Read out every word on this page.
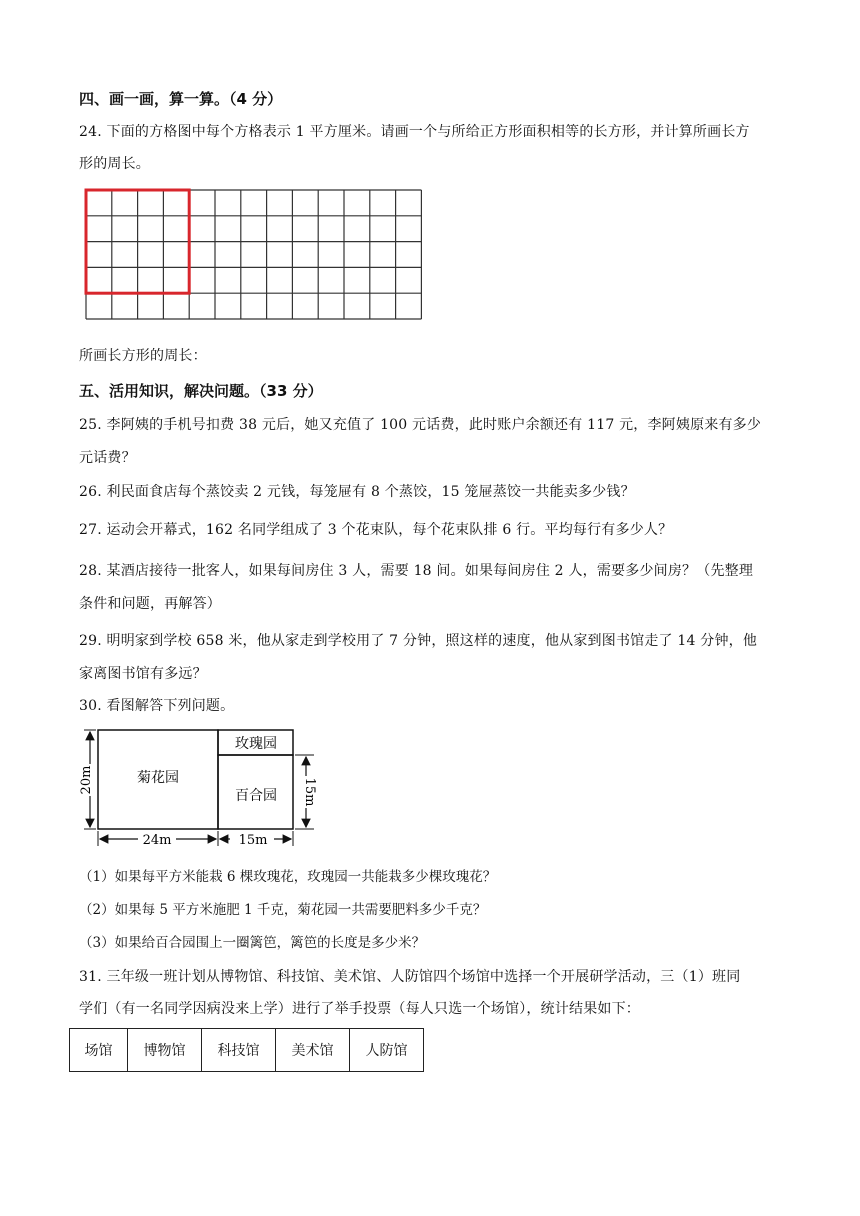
四、画一画，算一算。（4 分）
24. 下面的方格图中每个方格表示 1 平方厘米。请画一个与所给正方形面积相等的长方形，并计算所画长方
形的周长。
所画长方形的周长：
五、活用知识，解决问题。（33 分）
25. 李阿姨的手机号扣费 38 元后，她又充值了 100 元话费，此时账户余额还有 117 元，李阿姨原来有多少
元话费？
26. 利民面食店每个蒸饺卖 2 元钱，每笼屉有 8 个蒸饺，15 笼屉蒸饺一共能卖多少钱？
27. 运动会开幕式，162 名同学组成了 3 个花束队，每个花束队排 6 行。平均每行有多少人？
28. 某酒店接待一批客人，如果每间房住 3 人，需要 18 间。如果每间房住 2 人，需要多少间房？（先整理
条件和问题，再解答）
29. 明明家到学校 658 米，他从家走到学校用了 7 分钟，照这样的速度，他从家到图书馆走了 14 分钟，他
家离图书馆有多远？
30. 看图解答下列问题。
菊花园
玫瑰园
百合园
20m	15m
24m	15m
（1）如果每平方米能栽 6 棵玫瑰花，玫瑰园一共能栽多少棵玫瑰花？
（2）如果每 5 平方米施肥 1 千克，菊花园一共需要肥料多少千克？
（3）如果给百合园围上一圈篱笆，篱笆的长度是多少米？
31. 三年级一班计划从博物馆、科技馆、美术馆、人防馆四个场馆中选择一个开展研学活动，三（1）班同
学们（有一名同学因病没来上学）进行了举手投票（每人只选一个场馆），统计结果如下：
场馆	博物馆	科技馆	美术馆	人防馆
